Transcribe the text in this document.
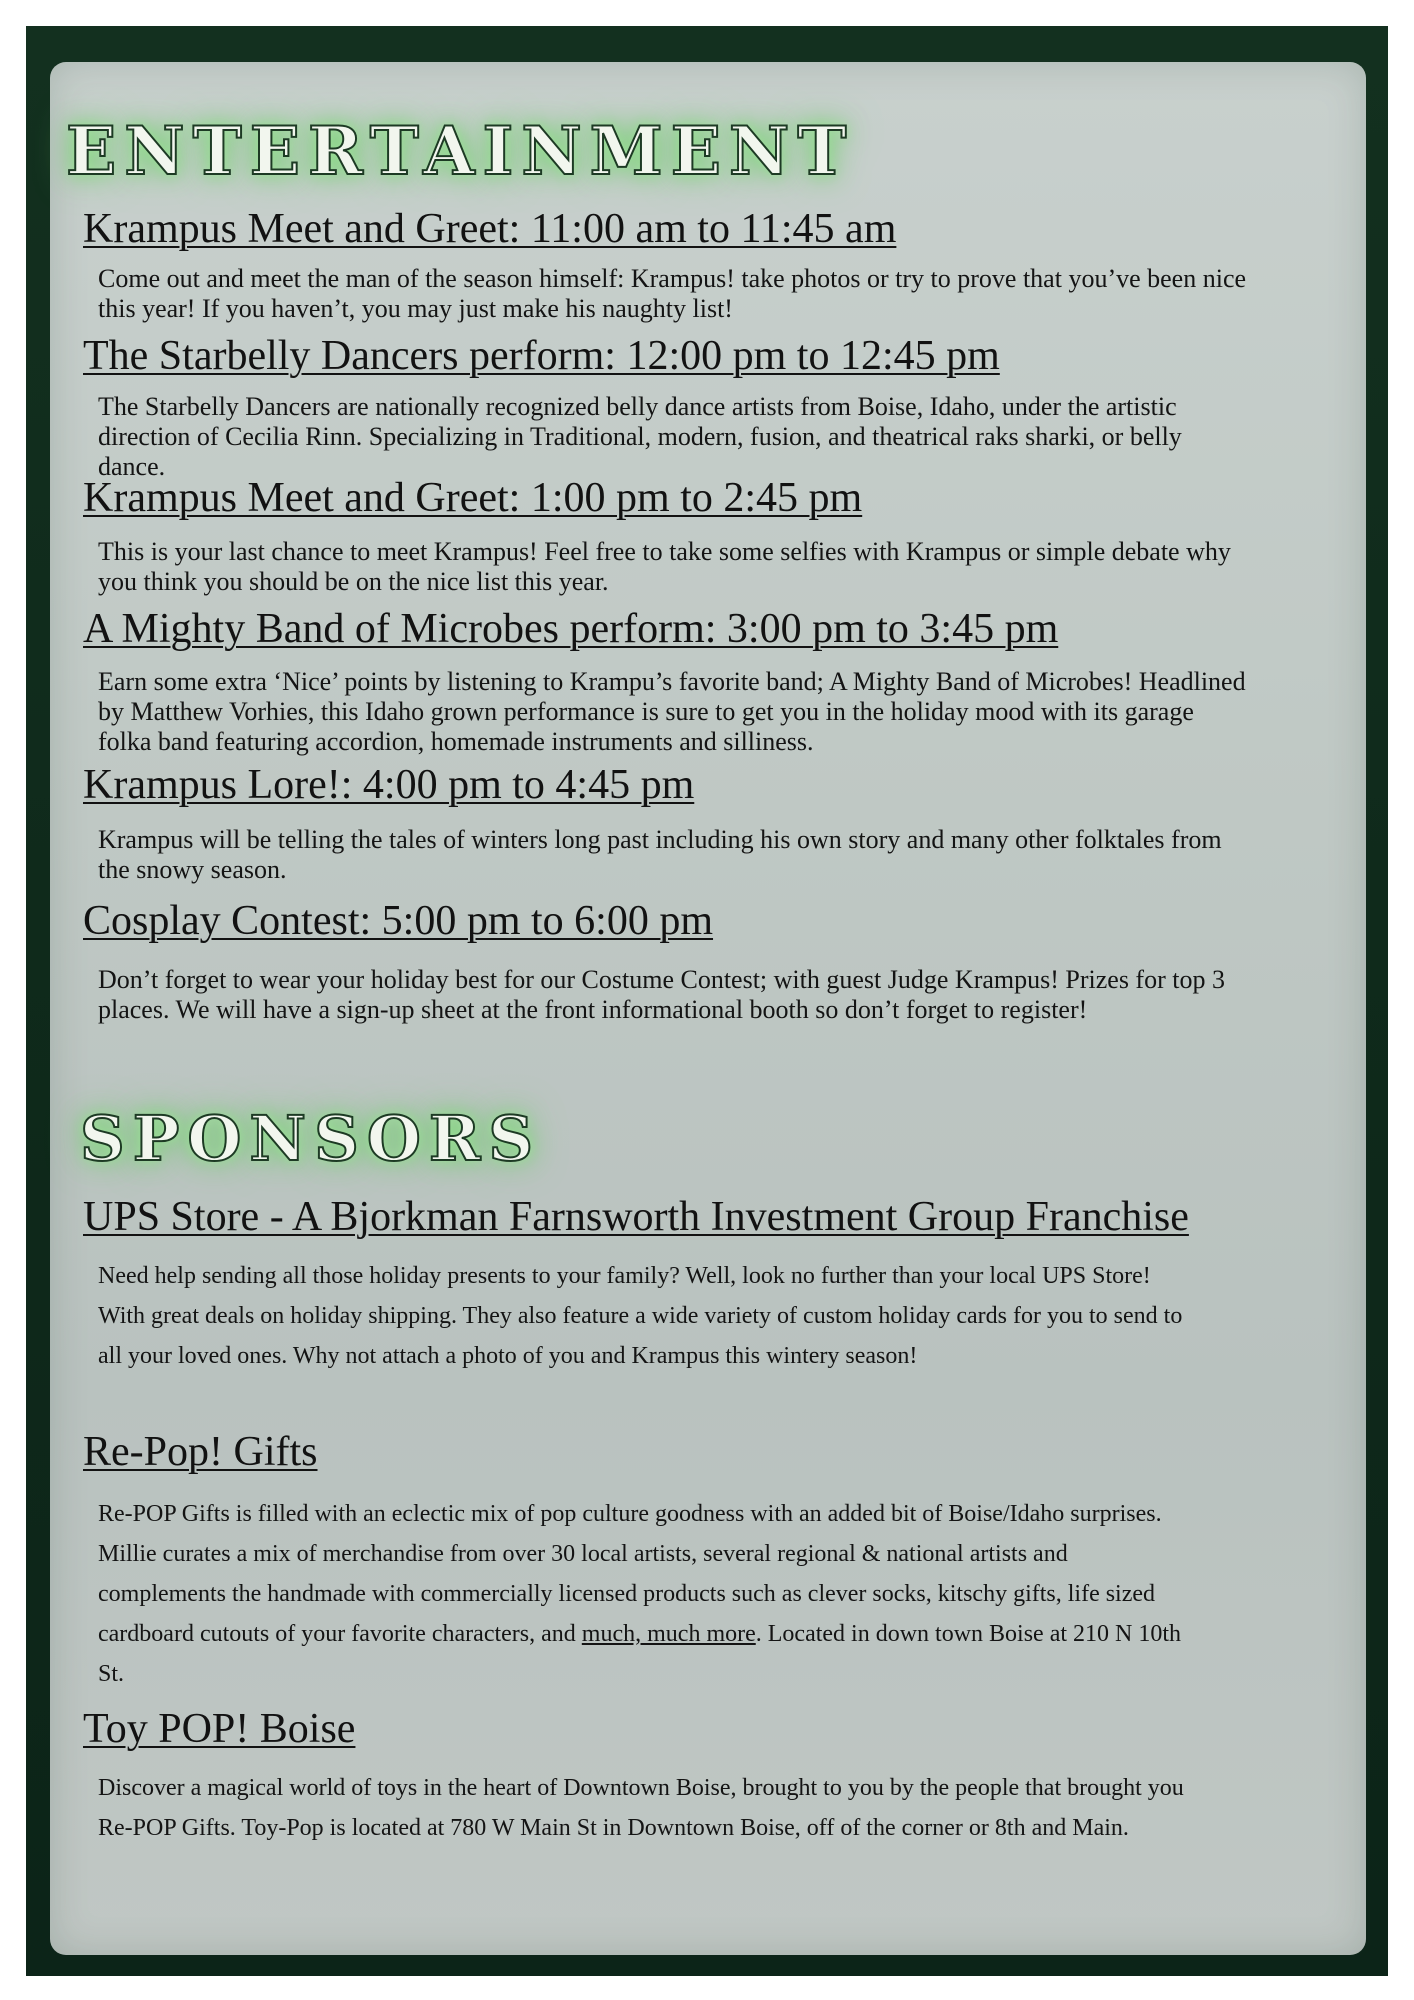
ENTERTAINMENT
Krampus Meet and Greet: 11:00 am to 11:45 am

Come out and meet the man of the season himself: Krampus! take photos or try to prove that you’ve been nice this year! If you haven’t, you may just make his naughty list!

The Starbelly Dancers perform: 12:00 pm to 12:45 pm

The Starbelly Dancers are nationally recognized belly dance artists from Boise, Idaho, under the artistic direction of Cecilia Rinn. Specializing in Traditional, modern, fusion, and theatrical raks sharki, or belly dance.

Krampus Meet and Greet: 1:00 pm to 2:45 pm

This is your last chance to meet Krampus! Feel free to take some selfies with Krampus or simple debate why you think you should be on the nice list this year.

A Mighty Band of Microbes perform: 3:00 pm to 3:45 pm

Earn some extra ‘Nice’ points by listening to Krampu’s favorite band; A Mighty Band of Microbes! Headlined by Matthew Vorhies, this Idaho grown performance is sure to get you in the holiday mood with its garage folka band featuring accordion, homemade instruments and silliness.

Krampus Lore!: 4:00 pm to 4:45 pm

Krampus will be telling the tales of winters long past including his own story and many other folktales from the snowy season.

Cosplay Contest: 5:00 pm to 6:00 pm

Don’t forget to wear your holiday best for our Costume Contest; with guest Judge Krampus! Prizes for top 3 places. We will have a sign-up sheet at the front informational booth so don’t forget to register!

SPONSORS
UPS Store - A Bjorkman Farnsworth Investment Group Franchise

Need help sending all those holiday presents to your family? Well, look no further than your local UPS Store! With great deals on holiday shipping. They also feature a wide variety of custom holiday cards for you to send to all your loved ones. Why not attach a photo of you and Krampus this wintery season!

Re-Pop! Gifts

Re-POP Gifts is filled with an eclectic mix of pop culture goodness with an added bit of Boise/Idaho surprises. Millie curates a mix of merchandise from over 30 local artists, several regional & national artists and complements the handmade with commercially licensed products such as clever socks, kitschy gifts, life sized cardboard cutouts of your favorite characters, and much, much more. Located in down town Boise at 210 N 10th St.

Toy POP! Boise

Discover a magical world of toys in the heart of Downtown Boise, brought to you by the people that brought you Re-POP Gifts. Toy-Pop is located at 780 W Main St in Downtown Boise, off of the corner or 8th and Main.
